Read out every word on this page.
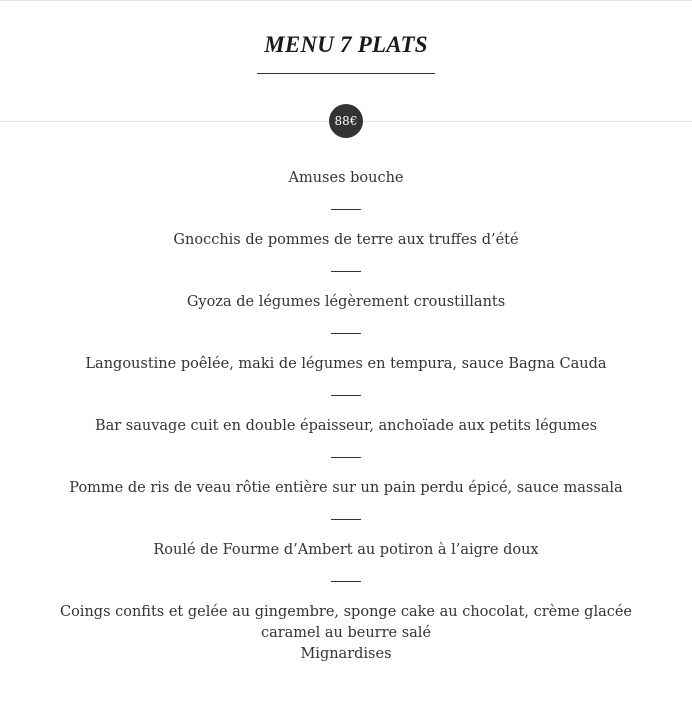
MENU 7 PLATS
88€

Amuses bouche

Gnocchis de pommes de terre aux truffes d’été

Gyoza de légumes légèrement croustillants

Langoustine poêlée, maki de légumes en tempura, sauce Bagna Cauda

Bar sauvage cuit en double épaisseur, anchoïade aux petits légumes

Pomme de ris de veau rôtie entière sur un pain perdu épicé, sauce massala

Roulé de Fourme d’Ambert au potiron à l’aigre doux

Coings confits et gelée au gingembre, sponge cake au chocolat, crème glacée caramel au beurre salé

Mignardises
